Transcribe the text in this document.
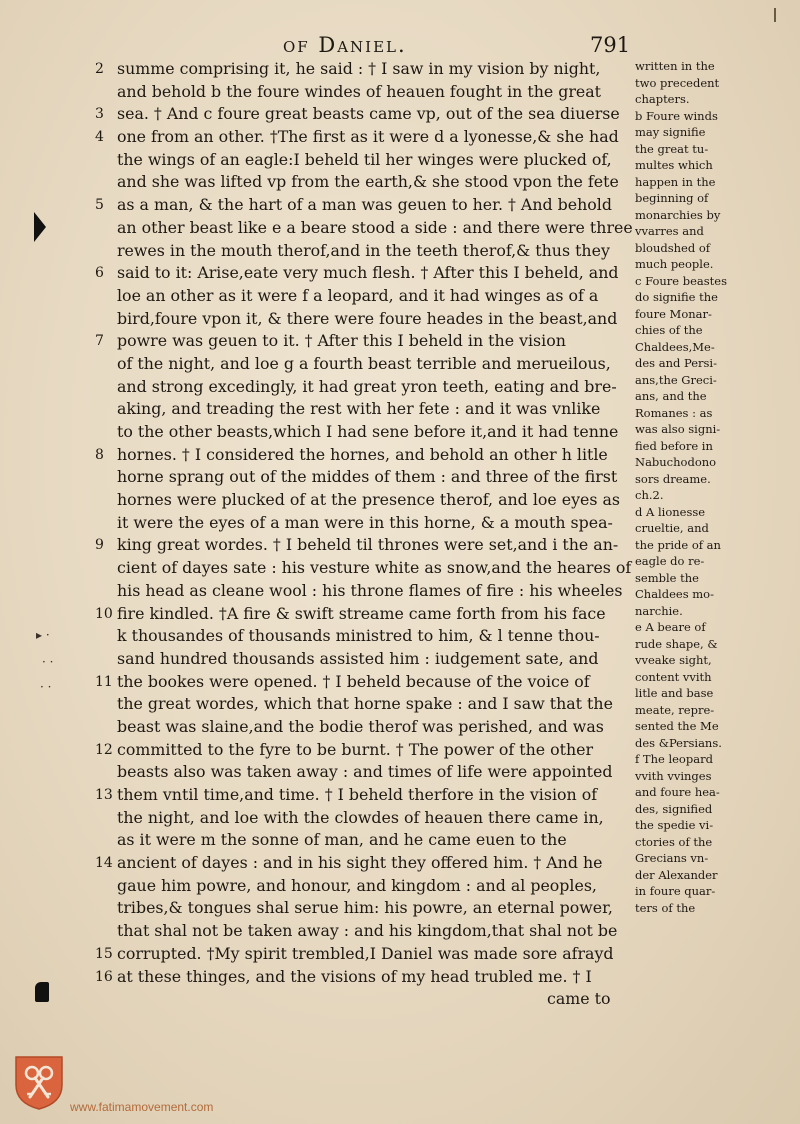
of Daniel.	791
2 summe comprising it, he said : † I saw in my vision by night,
and behold b the foure windes of heauen fought in the great
3 sea. † And c foure great beasts came vp, out of the sea diuerse
4 one from an other. †The first as it were d a lyonesse,& she had
the wings of an eagle:I beheld til her winges were plucked of,
and she was lifted vp from the earth,& she stood vpon the fete
5 as a man, & the hart of a man was geuen to her. † And behold
an other beast like e a beare stood a side : and there were three
rewes in the mouth therof,and in the teeth therof,& thus they
6 said to it: Arise,eate very much flesh. † After this I beheld, and
loe an other as it were f a leopard, and it had winges as of a
bird,foure vpon it, & there were foure heades in the beast,and
7 powre was geuen to it. † After this I beheld in the vision
of the night, and loe g a fourth beast terrible and merueilous,
and strong excedingly, it had great yron teeth, eating and bre-
aking, and treading the rest with her fete : and it was vnlike
to the other beasts,which I had sene before it,and it had tenne
8 hornes. † I considered the hornes, and behold an other h litle
horne sprang out of the middes of them : and three of the first
hornes were plucked of at the presence therof, and loe eyes as
it were the eyes of a man were in this horne, & a mouth spea-
9 king great wordes. † I beheld til thrones were set,and i the an-
cient of dayes sate : his vesture white as snow,and the heares of
his head as cleane wool : his throne flames of fire : his wheeles
10 fire kindled. †A fire & swift streame came forth from his face
k thousandes of thousands ministred to him, & l tenne thou-
sand hundred thousands assisted him : iudgement sate, and
11 the bookes were opened. † I beheld because of the voice of
the great wordes, which that horne spake : and I saw that the
beast was slaine,and the bodie therof was perished, and was
12 committed to the fyre to be burnt. † The power of the other
beasts also was taken away : and times of life were appointed
13 them vntil time,and time. † I beheld therfore in the vision of
the night, and loe with the clowdes of heauen there came in,
as it were m the sonne of man, and he came euen to the
14 ancient of dayes : and in his sight they offered him. † And he
gaue him powre, and honour, and kingdom : and al peoples,
tribes,& tongues shal serue him: his powre, an eternal power,
that shal not be taken away : and his kingdom,that shal not be
15 corrupted. †My spirit trembled,I Daniel was made sore afrayd
16 at these thinges, and the visions of my head trubled me. † I
came to
written in the
two precedent
chapters.
b Foure winds
may signifie
the great tu-
multes which
happen in the
beginning of
monarchies by
vvarres and
bloudshed of
much people.
c Foure beastes
do signifie the
foure Monar-
chies of the
Chaldees,Me-
des and Persi-
ans,the Greci-
ans, and the
Romanes : as
was also signi-
fied before in
Nabuchodono
sors dreame.
ch.2.
d A lionesse
crueltie, and
the pride of an
eagle do re-
semble the
Chaldees mo-
narchie.
e A beare of
rude shape, &
vveake sight,
content vvith
litle and base
meate, repre-
sented the Me
des &Persians.
f The leopard
vvith vvinges
and foure hea-
des, signified
the spedie vi-
ctories of the
Grecians vn-
der Alexander
in foure quar-
ters of the
▸ ·
· ·
· ·
www.fatimamovement.com
